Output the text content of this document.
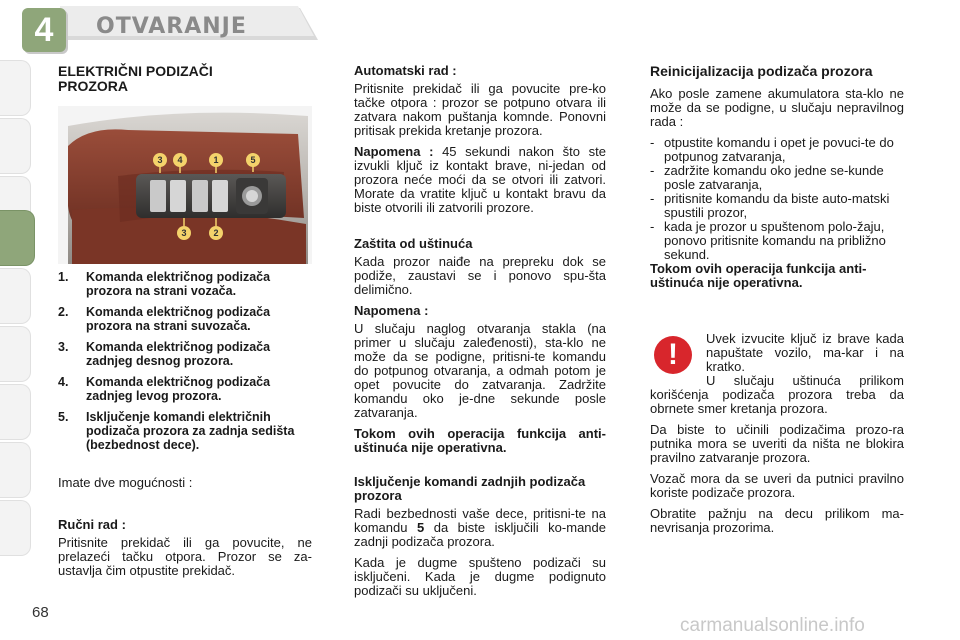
4	OTVARANJE
ELEKTRIČNI PODIZAČI PROZORA
3 4	1
3	2
5
1.	Komanda električnog podizača prozora na strani vozača.
2.	Komanda električnog podizača prozora na strani suvozača.
3.	Komanda električnog podizača zadnjeg desnog prozora.
4.	Komanda električnog podizača zadnjeg levog prozora.
5.	Isključenje komandi električnih podizača prozora za zadnja sedišta (bezbednost dece).

Imate dve mogućnosti :

Ručni rad :

Pritisnite prekidač ili ga povucite, ne prelazeći tačku otpora. Prozor se za-ustavlja čim otpustite prekidač.

Automatski rad :

Pritisnite prekidač ili ga povucite pre-ko tačke otpora : prozor se potpuno otvara ili zatvara nakom puštanja komnde. Ponovni pritisak prekida kretanje prozora.

Napomena : 45 sekundi nakon što ste izvukli ključ iz kontakt brave, ni-jedan od prozora neće moći da se otvori ili zatvori. Morate da vratite ključ u kontakt bravu da biste otvorili ili zatvorili prozore.

Zaštita od uštinuća

Kada prozor naiđe na prepreku dok se podiže, zaustavi se i ponovo spu-šta delimično.

Napomena :

U slučaju naglog otvaranja stakla (na primer u slučaju zaleđenosti), sta-klo ne može da se podigne, pritisni-te komandu do potpunog otvaranja, a odmah potom je opet povucite do zatvaranja. Zadržite komandu oko je-dne sekunde posle zatvaranja.

Tokom ovih operacija funkcija anti-uštinuća nije operativna.
Isključenje komandi zadnjih podizača prozora

Radi bezbednosti vaše dece, pritisni-te na komandu 5 da biste isključili ko-mande zadnji podizača prozora.

Kada je dugme spušteno podizači su isključeni. Kada je dugme podignuto podizači su uključeni.

Reinicijalizacija podizača prozora

Ako posle zamene akumulatora sta-klo ne može da se podigne, u slučaju nepravilnog rada :

- otpustite komandu i opet je povuci-te do potpunog zatvaranja,
- zadržite komandu oko jedne se-kunde posle zatvaranja,
- pritisnite komandu da biste auto-matski spustili prozor,
- kada je prozor u spuštenom polo-žaju, ponovo pritisnite komandu na približno sekund.
Tokom ovih operacija funkcija anti-uštinuća nije operativna.
!	Uvek izvucite ključ iz brave kada napuštate vozilo, ma-kar i na kratko.

U slučaju uštinuća prilikom korišćenja podizača prozora treba da obrnete smer kretanja prozora.

Da biste to učinili podizačima prozo-ra putnika mora se uveriti da ništa ne blokira pravilno zatvaranje prozora.

Vozač mora da se uveri da putnici pravilno koriste podizače prozora.

Obratite pažnju na decu prilikom ma-nevrisanja prozorima.

68
carmanualsonline.info
